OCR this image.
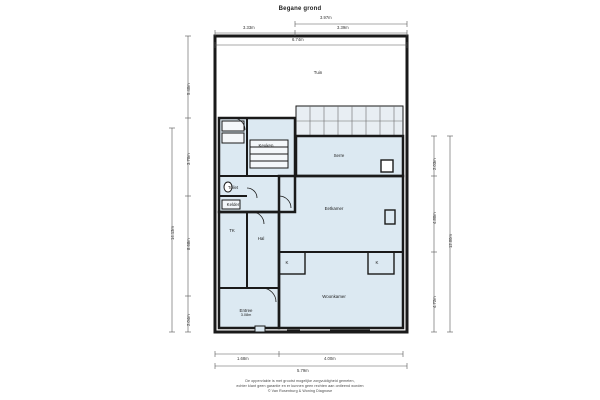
Begane grond
Tuin
Keuken
Serre
Eetkamer
Woonkamer
Toilet
Kelder
TK
Hal
Entree
3.08m
K	K
3.97m
3.33m	3.39m
6.74m
5.40m
3.70m
8.68m
14.13m
2.04m
2.03m
4.80m
12.00m
4.72m
1.68m	4.00m
5.79m
De oppervlakte is met grootst mogelijke zorgvuldigheid gemeten,
echter klant geen garantie en er kunnen geen rechten aan ontleend worden
© Van Rosenburg & Woning Diagnose
